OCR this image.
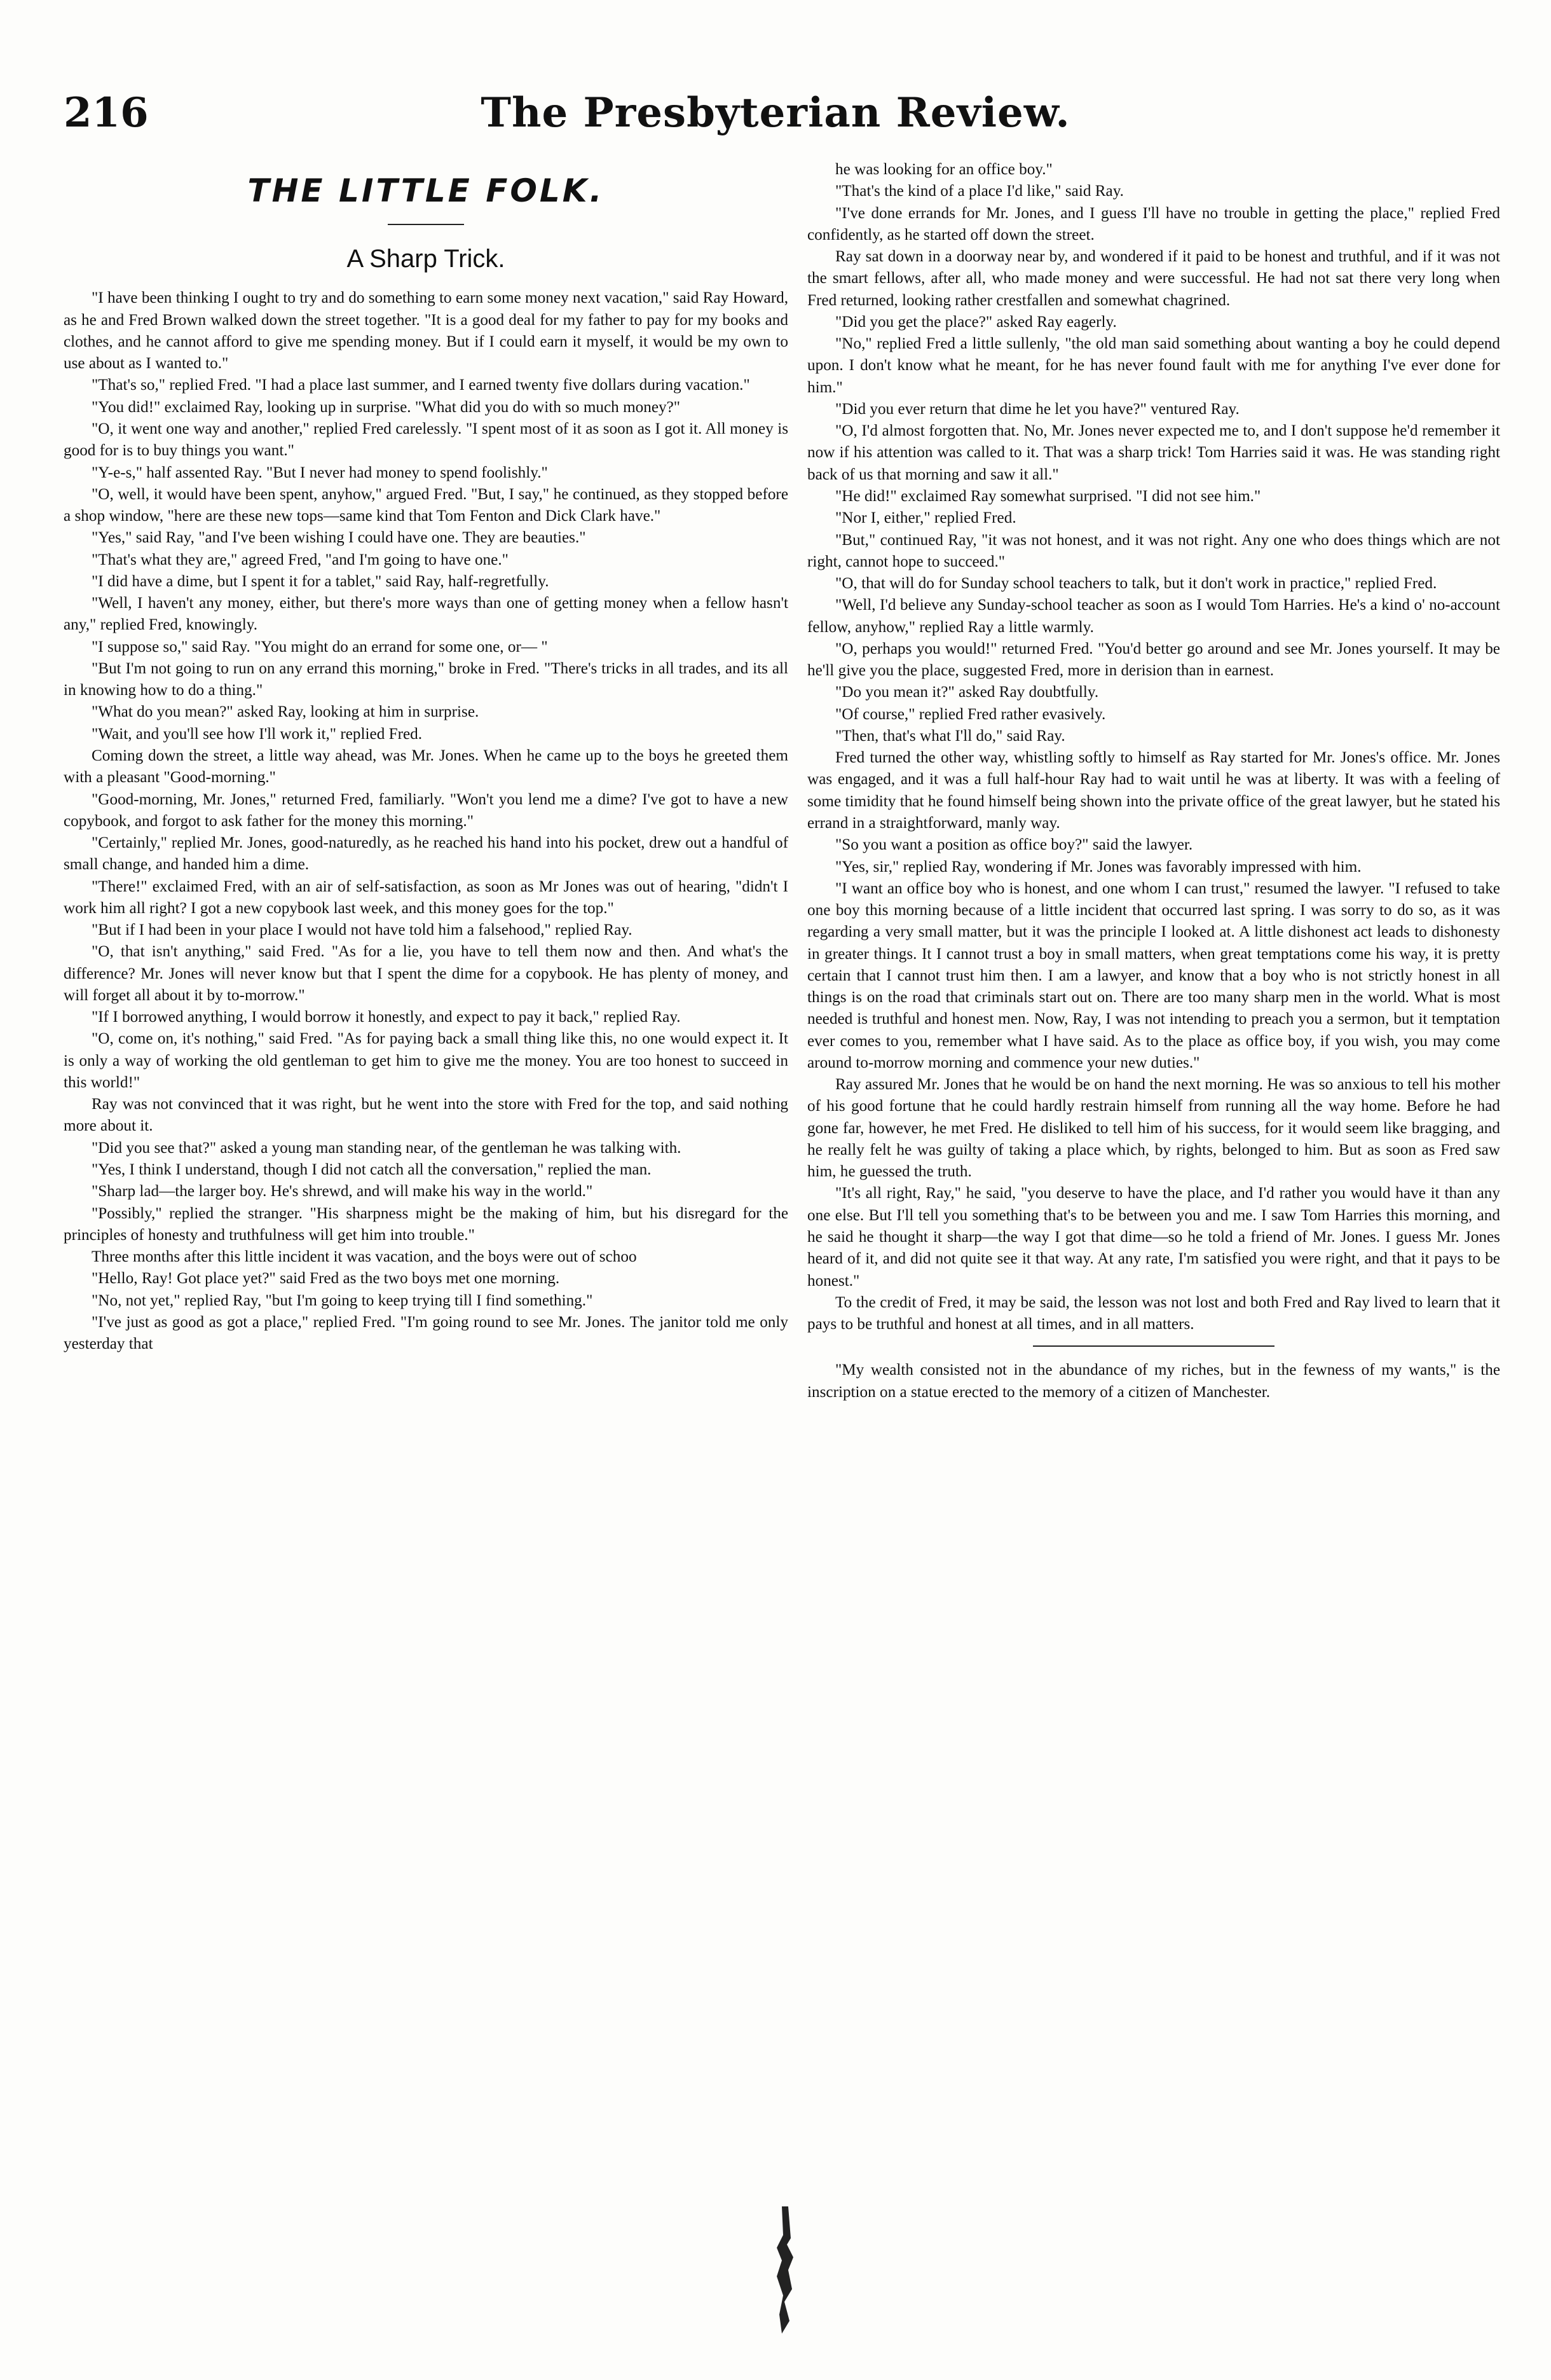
216	The Presbyterian Review.
THE LITTLE FOLK.
A Sharp Trick.

"I have been thinking I ought to try and do something to earn some money next vacation," said Ray Howard, as he and Fred Brown walked down the street together. "It is a good deal for my father to pay for my books and clothes, and he cannot afford to give me spending money. But if I could earn it myself, it would be my own to use about as I wanted to."

"That's so," replied Fred. "I had a place last summer, and I earned twenty five dollars during vacation."

"You did!" exclaimed Ray, looking up in surprise. "What did you do with so much money?"

"O, it went one way and another," replied Fred carelessly. "I spent most of it as soon as I got it. All money is good for is to buy things you want."

"Y-e-s," half assented Ray. "But I never had money to spend foolishly."

"O, well, it would have been spent, anyhow," argued Fred. "But, I say," he continued, as they stopped before a shop window, "here are these new tops—same kind that Tom Fenton and Dick Clark have."

"Yes," said Ray, "and I've been wishing I could have one. They are beauties."

"That's what they are," agreed Fred, "and I'm going to have one."

"I did have a dime, but I spent it for a tablet," said Ray, half-regretfully.

"Well, I haven't any money, either, but there's more ways than one of getting money when a fellow hasn't any," replied Fred, knowingly.

"I suppose so," said Ray. "You might do an errand for some one, or— "

"But I'm not going to run on any errand this morning," broke in Fred. "There's tricks in all trades, and its all in knowing how to do a thing."

"What do you mean?" asked Ray, looking at him in surprise.

"Wait, and you'll see how I'll work it," replied Fred.

Coming down the street, a little way ahead, was Mr. Jones. When he came up to the boys he greeted them with a pleasant "Good-morning."

"Good-morning, Mr. Jones," returned Fred, familiarly. "Won't you lend me a dime? I've got to have a new copybook, and forgot to ask father for the money this morning."

"Certainly," replied Mr. Jones, good-naturedly, as he reached his hand into his pocket, drew out a handful of small change, and handed him a dime.

"There!" exclaimed Fred, with an air of self-satisfaction, as soon as Mr Jones was out of hearing, "didn't I work him all right? I got a new copybook last week, and this money goes for the top."

"But if I had been in your place I would not have told him a falsehood," replied Ray.

"O, that isn't anything," said Fred. "As for a lie, you have to tell them now and then. And what's the difference? Mr. Jones will never know but that I spent the dime for a copybook. He has plenty of money, and will forget all about it by to-morrow."

"If I borrowed anything, I would borrow it honestly, and expect to pay it back," replied Ray.

"O, come on, it's nothing," said Fred. "As for paying back a small thing like this, no one would expect it. It is only a way of working the old gentleman to get him to give me the money. You are too honest to succeed in this world!"

Ray was not convinced that it was right, but he went into the store with Fred for the top, and said nothing more about it.

"Did you see that?" asked a young man standing near, of the gentleman he was talking with.

"Yes, I think I understand, though I did not catch all the conversation," replied the man.

"Sharp lad—the larger boy. He's shrewd, and will make his way in the world."

"Possibly," replied the stranger. "His sharpness might be the making of him, but his disregard for the principles of honesty and truthfulness will get him into trouble."

Three months after this little incident it was vacation, and the boys were out of schoo

"Hello, Ray! Got place yet?" said Fred as the two boys met one morning.

"No, not yet," replied Ray, "but I'm going to keep trying till I find something."

"I've just as good as got a place," replied Fred. "I'm going round to see Mr. Jones. The janitor told me only yesterday that

he was looking for an office boy."

"That's the kind of a place I'd like," said Ray.

"I've done errands for Mr. Jones, and I guess I'll have no trouble in getting the place," replied Fred confidently, as he started off down the street.

Ray sat down in a doorway near by, and wondered if it paid to be honest and truthful, and if it was not the smart fellows, after all, who made money and were successful. He had not sat there very long when Fred returned, looking rather crestfallen and somewhat chagrined.

"Did you get the place?" asked Ray eagerly.

"No," replied Fred a little sullenly, "the old man said something about wanting a boy he could depend upon. I don't know what he meant, for he has never found fault with me for anything I've ever done for him."

"Did you ever return that dime he let you have?" ventured Ray.

"O, I'd almost forgotten that. No, Mr. Jones never expected me to, and I don't suppose he'd remember it now if his attention was called to it. That was a sharp trick! Tom Harries said it was. He was standing right back of us that morning and saw it all."

"He did!" exclaimed Ray somewhat surprised. "I did not see him."

"Nor I, either," replied Fred.

"But," continued Ray, "it was not honest, and it was not right. Any one who does things which are not right, cannot hope to succeed."

"O, that will do for Sunday school teachers to talk, but it don't work in practice," replied Fred.

"Well, I'd believe any Sunday-school teacher as soon as I would Tom Harries. He's a kind o' no-account fellow, anyhow," replied Ray a little warmly.

"O, perhaps you would!" returned Fred. "You'd better go around and see Mr. Jones yourself. It may be he'll give you the place, suggested Fred, more in derision than in earnest.

"Do you mean it?" asked Ray doubtfully.

"Of course," replied Fred rather evasively.

"Then, that's what I'll do," said Ray.

Fred turned the other way, whistling softly to himself as Ray started for Mr. Jones's office. Mr. Jones was engaged, and it was a full half-hour Ray had to wait until he was at liberty. It was with a feeling of some timidity that he found himself being shown into the private office of the great lawyer, but he stated his errand in a straightforward, manly way.

"So you want a position as office boy?" said the lawyer.

"Yes, sir," replied Ray, wondering if Mr. Jones was favorably impressed with him.

"I want an office boy who is honest, and one whom I can trust," resumed the lawyer. "I refused to take one boy this morning because of a little incident that occurred last spring. I was sorry to do so, as it was regarding a very small matter, but it was the principle I looked at. A little dishonest act leads to dishonesty in greater things. It I cannot trust a boy in small matters, when great temptations come his way, it is pretty certain that I cannot trust him then. I am a lawyer, and know that a boy who is not strictly honest in all things is on the road that criminals start out on. There are too many sharp men in the world. What is most needed is truthful and honest men. Now, Ray, I was not intending to preach you a sermon, but it temptation ever comes to you, remember what I have said. As to the place as office boy, if you wish, you may come around to-morrow morning and commence your new duties."

Ray assured Mr. Jones that he would be on hand the next morning. He was so anxious to tell his mother of his good fortune that he could hardly restrain himself from running all the way home. Before he had gone far, however, he met Fred. He disliked to tell him of his success, for it would seem like bragging, and he really felt he was guilty of taking a place which, by rights, belonged to him. But as soon as Fred saw him, he guessed the truth.

"It's all right, Ray," he said, "you deserve to have the place, and I'd rather you would have it than any one else. But I'll tell you something that's to be between you and me. I saw Tom Harries this morning, and he said he thought it sharp—the way I got that dime—so he told a friend of Mr. Jones. I guess Mr. Jones heard of it, and did not quite see it that way. At any rate, I'm satisfied you were right, and that it pays to be honest."

To the credit of Fred, it may be said, the lesson was not lost and both Fred and Ray lived to learn that it pays to be truthful and honest at all times, and in all matters.

"My wealth consisted not in the abundance of my riches, but in the fewness of my wants," is the inscription on a statue erected to the memory of a citizen of Manchester.
